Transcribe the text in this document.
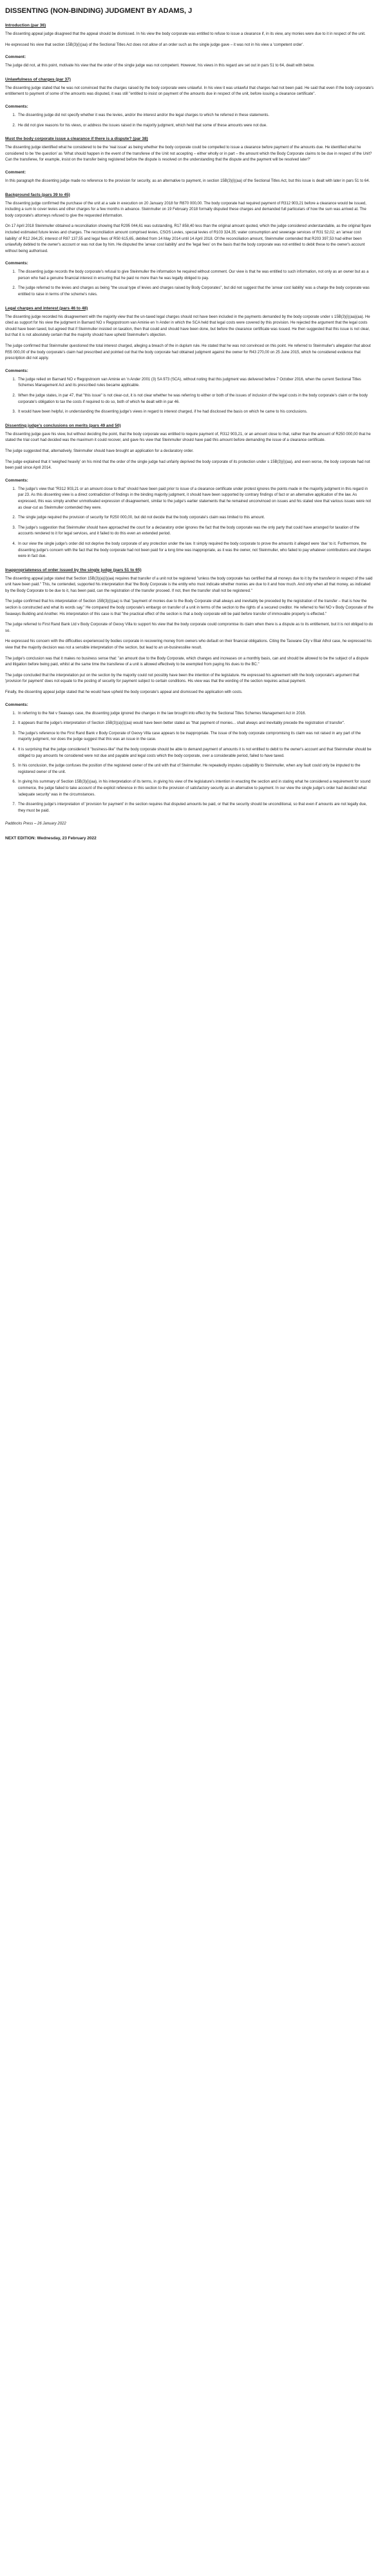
DISSENTING (NON-BINDING) JUDGMENT BY ADAMS, J
Introduction (par 36)

The dissenting appeal judge disagreed that the appeal should be dismissed. In his view the body corporate was entitled to refuse to issue a clearance if, in its view, any monies were due to it in respect of the unit.

He expressed his view that section 15B(3)(i)(aa) of the Sectional Titles Act does not allow of an order such as the single judge gave – it was not in his view a 'competent order'.

Comment:

The judge did not, at this point, motivate his view that the order of the single judge was not competent. However, his views in this regard are set out in pars 51 to 64, dealt with below.

Unlawfulness of charges (par 37)

The dissenting judge stated that he was not convinced that the charges raised by the body corporate were unlawful. In his view it was unlawful that charges had not been paid. He said that even if the body corporate's entitlement to payment of some of the amounts was disputed, it was still "entitled to insist on payment of the amounts due in respect of the unit, before issuing a clearance certificate".

Comments:
1. The dissenting judge did not specify whether it was the levies, and/or the interest and/or the legal charges to which he referred in these statements.
2. He did not give reasons for his views, or address the issues raised in the majority judgment, which held that some of these amounts were not due.
Must the body corporate issue a clearance if there is a dispute? (par 38)

The dissenting judge identified what he considered to be the 'real issue' as being whether the body corporate could be compelled to issue a clearance before payment of the amounts due. He identified what he considered to be 'the question' as 'What should happen in the event of the transferee of the Unit not accepting – either wholly or in part – the amount which the Body Corporate claims to be due in respect of the Unit? Can the transferee, for example, insist on the transfer being registered before the dispute is resolved on the understanding that the dispute and the payment will be resolved later?'

Comment:

In this paragraph the dissenting judge made no reference to the provision for security, as an alternative to payment, in section 15B(3)(i)(aa) of the Sectional Titles Act, but this issue is dealt with later in pars 51 to 64.

Background facts (pars 39 to 45)

The dissenting judge confirmed the purchase of the unit at a sale in execution on 20 January 2018 for R870 000,00. The body corporate had required payment of R312 903,21 before a clearance would be issued, including a sum to cover levies and other charges for a few months in advance. Steinmuller on 19 February 2018 formally disputed these charges and demanded full particulars of how the sum was arrived at. The body corporate's attorneys refused to give the requested information.

On 17 April 2018 Steinmuller obtained a reconciliation showing that R295 044,61 was outstanding, R17 858,40 less than the original amount quoted, which the judge considered understandable, as the original figure included estimated future levies and charges. The reconciliation amount comprised levies, CSOS Levies, special levies of R103 324,35; water consumption and sewerage services of R31 52,02; an 'arrear cost liability' of R12 264,25; interest of R87 137,55 and legal fees of R50 615,65, debited from 14 May 2014 until 14 April 2018. Of the reconciliation amount, Steinmuller contended that R203 397,53 had either been unlawfully debited to the owner's account or was not due by him. He disputed the 'arrear cost liability' and the 'legal fees' on the basis that the body corporate was not entitled to debit these to the owner's account without being authorised.

Comments:
1. The dissenting judge records the body corporate's refusal to give Steinmuller the information he required without comment. Our view is that he was entitled to such information, not only as an owner but as a person who had a genuine financial interest in ensuring that he paid no more than he was legally obliged to pay.
2. The judge referred to the levies and charges as being "the usual type of levies and charges raised by Body Corporates", but did not suggest that the 'arrear cost liability' was a charge the body corporate was entitled to raise in terms of the scheme's rules.
Legal charges and interest (pars 46 to 48)

The dissenting judge recorded his disagreement with the majority view that the un-taxed legal charges should not have been included in the payments demanded by the body corporate under s 15B(3)(i)(aa)(aa). He cited as support for his view the judgment in Barnard NO v Regopstroom van Aminie en 'n Ander in which the SCA held that legal costs were covered by this provision. He rejected the argument that the legal costs should have been taxed, but agreed that if Steinmuller insisted on taxation, then that could and should have been done, but before the clearance certificate was issued. He then suggested that this issue is not clear, but that it is not absolutely certain that the majority should have upheld Steinmuller's objection.

The judge confirmed that Steinmuller questioned the total interest charged, alleging a breach of the in duplum rule. He stated that he was not convinced on this point. He referred to Steinmuller's allegation that about R55 000,00 of the body corporate's claim had prescribed and pointed out that the body corporate had obtained judgment against the owner for R43 270,00 on 25 June 2015, which he considered evidence that prescription did not apply.

Comments:
1. The judge relied on Barnard NO v Regopstroom van Aminie en 'n Ander 2001 (3) SA 973 (SCA), without noting that this judgment was delivered before 7 October 2016, when the current Sectional Titles Schemes Management Act and its prescribed rules became applicable.
2. When the judge states, in par 47, that "this issue" is not clear-cut, it is not clear whether he was referring to either or both of the issues of inclusion of the legal costs in the body corporate's claim or the body corporate's obligation to tax the costs if required to do so, both of which he dealt with in par 46.
3. It would have been helpful, in understanding the dissenting judge's views in regard to interest charged, if he had disclosed the basis on which he came to his conclusions.
Dissenting judge's conclusions on merits (pars 49 and 50)

The dissenting judge gave his view, but without deciding the point, that the body corporate was entitled to require payment of, R312 903,21, or an amount close to that, rather than the amount of R250 000,00 that he stated the trial court had decided was the maximum it could recover, and gave his view that Steinmuller should have paid this amount before demanding the issue of a clearance certificate.

The judge suggested that, alternatively, Steinmuller should have brought an application for a declaratory order.

The judge explained that it 'weighed heavily' on his mind that the order of the single judge had unfairly deprived the body corporate of its protection under s 15B(3)(i)(aa), and even worse, the body corporate had not been paid since April 2014.

Comments:
1. The judge's view that "R312 903,21 or an amount close to that" should have been paid prior to issue of a clearance certificate under protest ignores the points made in the majority judgment in this regard in par 23. As this dissenting view is a direct contradiction of findings in the binding majority judgment, it should have been supported by contrary findings of fact or an alternative application of the law. As expressed, this was simply another unmotivated expression of disagreement, similar to the judge's earlier statements that he remained unconvinced on issues and his stated view that various issues were not as clear-cut as Steinmuller contended they were.
2. The single judge required the provision of security for R250 000,00, but did not decide that the body corporate's claim was limited to this amount.
3. The judge's suggestion that Steinmuller should have approached the court for a declaratory order ignores the fact that the body corporate was the only party that could have arranged for taxation of the accounts rendered to it for legal services, and it failed to do this even an extended period.
4. In our view the single judge's order did not deprive the body corporate of any protection under the law. It simply required the body corporate to prove the amounts it alleged were 'due' to it. Furthermore, the dissenting judge's concern with the fact that the body corporate had not been paid for a long time was inappropriate, as it was the owner, not Steinmuller, who failed to pay whatever contributions and charges were in fact due.
Inappropriateness of order issued by the single judge (pars 51 to 65)

The dissenting appeal judge stated that Section 15B(3)(a)(i)(aa) requires that transfer of a unit not be registered "unless the body corporate has certified that all moneys due to it by the transferor in respect of the said unit have been paid." This, he contended, supported his interpretation that 'the Body Corporate is the entity who must indicate whether monies are due to it and how much. And only when all that money, as indicated by the Body Corporate to be due to it, has been paid, can the registration of the transfer proceed. If not, then the transfer shall not be registered."

The judge confirmed that his interpretation of Section 15B(3)(i)(aa) is that "payment of monies due to the Body Corporate shall always and inevitably be preceded by the registration of the transfer – that is how the section is constructed and what its words say." He compared the body corporate's embargo on transfer of a unit in terms of the section to the rights of a secured creditor. He referred to Nel NO v Body Corporate of the Seaways Building and Another. His interpretation of this case is that "the practical effect of the section is that a body corporate will be paid before transfer of immovable property is effected."

The judge referred to First Rand Bank Ltd v Body Corporate of Geovy Villa to support his view that the body corporate could compromise its claim when there is a dispute as to its entitlement, but it is not obliged to do so.

He expressed his concern with the difficulties experienced by bodies corporate in recovering money from owners who default on their financial obligations. Citing the Taswane City v Blair Athol case, he expressed his view that the majority decision was not a sensible interpretation of the section, but lead to an un-businesslike result.

The judge's conclusion was that it makes no business sense that: "an amount due to the Body Corporate, which changes and increases on a monthly basis, can and should be allowed to be the subject of a dispute and litigation before being paid, whilst at the same time the transferee of a unit is allowed effectively to be exempted from paying his dues to the BC."

The judge concluded that the interpretation put on the section by the majority could not possibly have been the intention of the legislature. He expressed his agreement with the body corporate's argument that 'provision for payment' does not equate to the posting of security for payment subject to certain conditions. His view was that the wording of the section requires actual payment.

Finally, the dissenting appeal judge stated that he would have upheld the body corporate's appeal and dismissed the application with costs.

Comments:
1. In referring to the Nel v Seaways case, the dissenting judge ignored the changes in the law brought into effect by the Sectional Titles Schemes Management Act in 2016.
2. It appears that the judge's interpretation of Section 15B(3)(a)(i)(aa) would have been better stated as "that payment of monies... shall always and inevitably precede the registration of transfer".
3. The judge's reference to the First Rand Bank v Body Corporate of Geovy Villa case appears to be inappropriate. The issue of the body corporate compromising its claim was not raised in any part of the majority judgment, nor does the judge suggest that this was an issue in the case.
4. It is surprising that the judge considered it "business-like" that the body corporate should be able to demand payment of amounts it is not entitled to debit to the owner's account and that Steinmuller should be obliged to pay amounts he considered were not due and payable and legal costs which the body corporate, over a considerable period, failed to have taxed.
5. In his conclusion, the judge confuses the position of the registered owner of the unit with that of Steinmuller. He repeatedly imputes culpability to Steinmuller, when any fault could only be imputed to the registered owner of the unit.
6. In giving his summary of Section 15B(3)(i)(aa), in his interpretation of its terms, in giving his view of the legislature's intention in enacting the section and in stating what he considered a requirement for sound commerce, the judge failed to take account of the explicit reference in this section to the provision of satisfactory security as an alternative to payment. In our view the single judge's order had decided what 'adequate security' was in the circumstances.
7. The dissenting judge's interpretation of 'provision for payment' in the section requires that disputed amounts be paid, or that the security should be unconditional, so that even if amounts are not legally due, they must be paid.
Paddocks Press – 26 January 2022
NEXT EDITION: Wednesday, 23 February 2022
